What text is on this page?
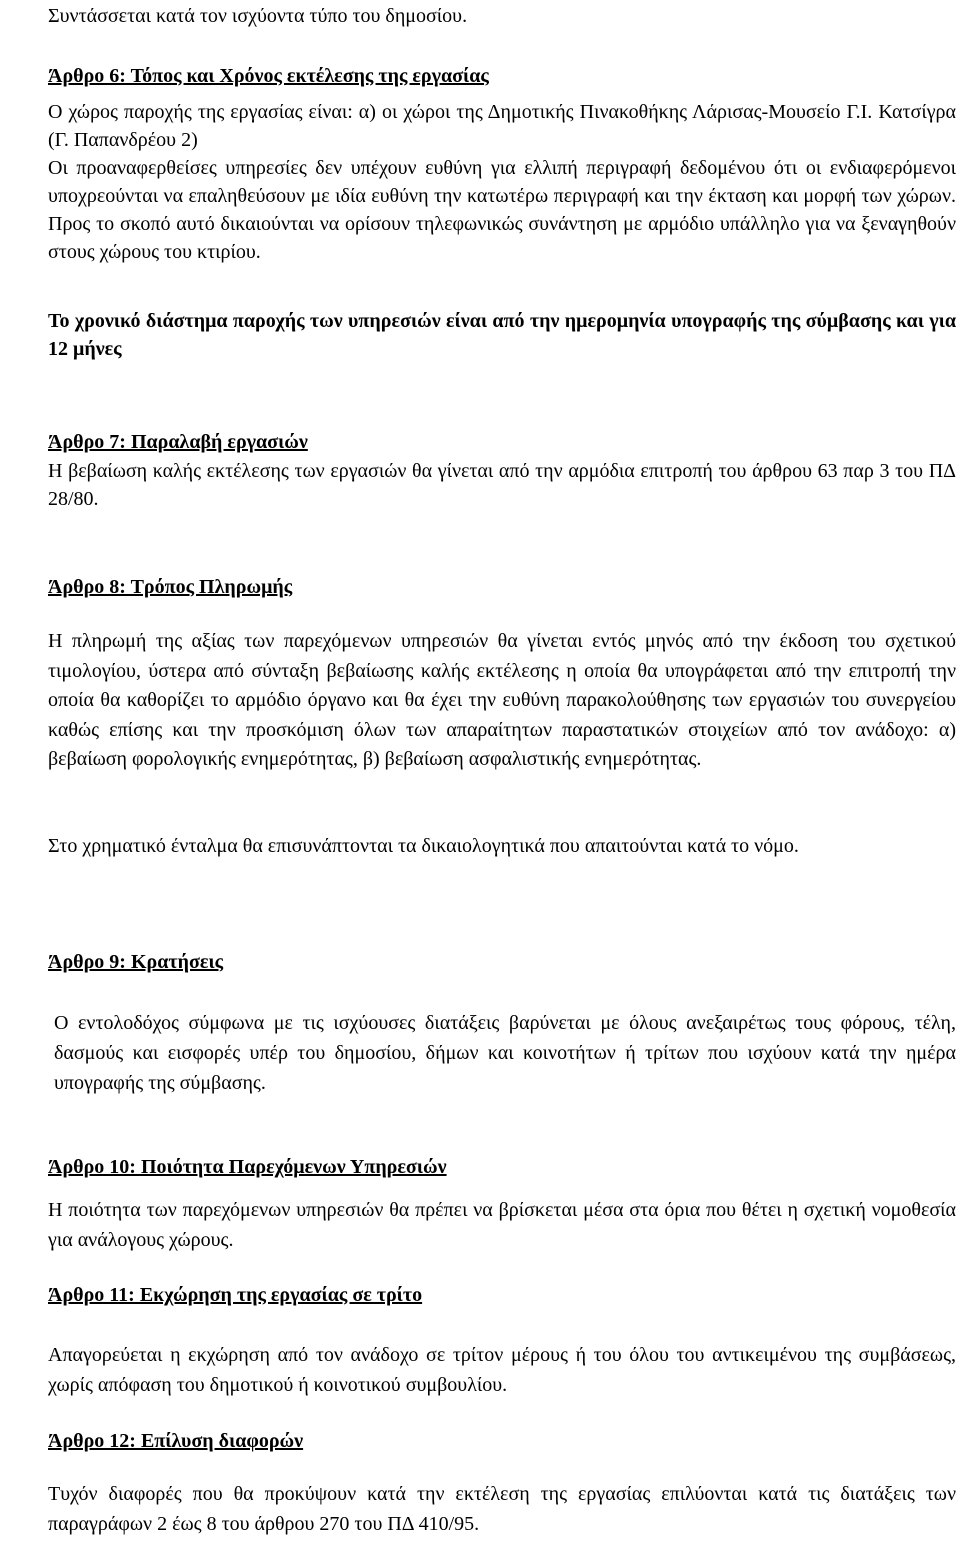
Συντάσσεται κατά τον ισχύοντα τύπο του δημοσίου.

Άρθρο 6: Τόπος και Χρόνος εκτέλεσης της εργασίας

Ο χώρος παροχής της εργασίας είναι: α) οι χώροι της Δημοτικής Πινακοθήκης Λάρισας-Μουσείο Γ.Ι. Κατσίγρα (Γ. Παπανδρέου 2)

Οι προαναφερθείσες υπηρεσίες δεν υπέχουν ευθύνη για ελλιπή περιγραφή δεδομένου ότι οι ενδιαφερόμενοι υποχρεούνται να επαληθεύσουν με ιδία ευθύνη την κατωτέρω περιγραφή και την έκταση και μορφή των χώρων. Προς το σκοπό αυτό δικαιούνται να ορίσουν τηλεφωνικώς συνάντηση με αρμόδιο υπάλληλο για να ξεναγηθούν στους χώρους του κτιρίου.

Το χρονικό διάστημα παροχής των υπηρεσιών είναι από την ημερομηνία υπογραφής της σύμβασης και για 12 μήνες

Άρθρο 7: Παραλαβή εργασιών

Η βεβαίωση καλής εκτέλεσης των εργασιών θα γίνεται από την αρμόδια επιτροπή του άρθρου 63 παρ 3 του ΠΔ 28/80.

Άρθρο 8: Τρόπος Πληρωμής

Η πληρωμή της αξίας των παρεχόμενων υπηρεσιών θα γίνεται εντός μηνός από την έκδοση του σχετικού τιμολογίου, ύστερα από σύνταξη βεβαίωσης καλής εκτέλεσης η οποία θα υπογράφεται από την επιτροπή την οποία θα καθορίζει το αρμόδιο όργανο και θα έχει την ευθύνη παρακολούθησης των εργασιών του συνεργείου καθώς επίσης και την προσκόμιση όλων των απαραίτητων παραστατικών στοιχείων από τον ανάδοχο: α) βεβαίωση φορολογικής ενημερότητας, β) βεβαίωση ασφαλιστικής ενημερότητας.

Στο χρηματικό ένταλμα θα επισυνάπτονται τα δικαιολογητικά που απαιτούνται κατά το νόμο.

Άρθρο 9: Κρατήσεις

Ο εντολοδόχος σύμφωνα με τις ισχύουσες διατάξεις βαρύνεται με όλους ανεξαιρέτως τους φόρους, τέλη, δασμούς και εισφορές υπέρ του δημοσίου, δήμων και κοινοτήτων ή τρίτων που ισχύουν κατά την ημέρα υπογραφής της σύμβασης.

Άρθρο 10: Ποιότητα Παρεχόμενων Υπηρεσιών

Η ποιότητα των παρεχόμενων υπηρεσιών θα πρέπει να βρίσκεται μέσα στα όρια που θέτει η σχετική νομοθεσία για ανάλογους χώρους.

Άρθρο 11: Εκχώρηση της εργασίας σε τρίτο

Απαγορεύεται η εκχώρηση από τον ανάδοχο σε τρίτον μέρους ή του όλου του αντικειμένου της συμβάσεως, χωρίς απόφαση του δημοτικού ή κοινοτικού συμβουλίου.

Άρθρο 12: Επίλυση διαφορών

Τυχόν διαφορές που θα προκύψουν κατά την εκτέλεση της εργασίας επιλύονται κατά τις διατάξεις των παραγράφων 2 έως 8 του άρθρου 270 του ΠΔ 410/95.
